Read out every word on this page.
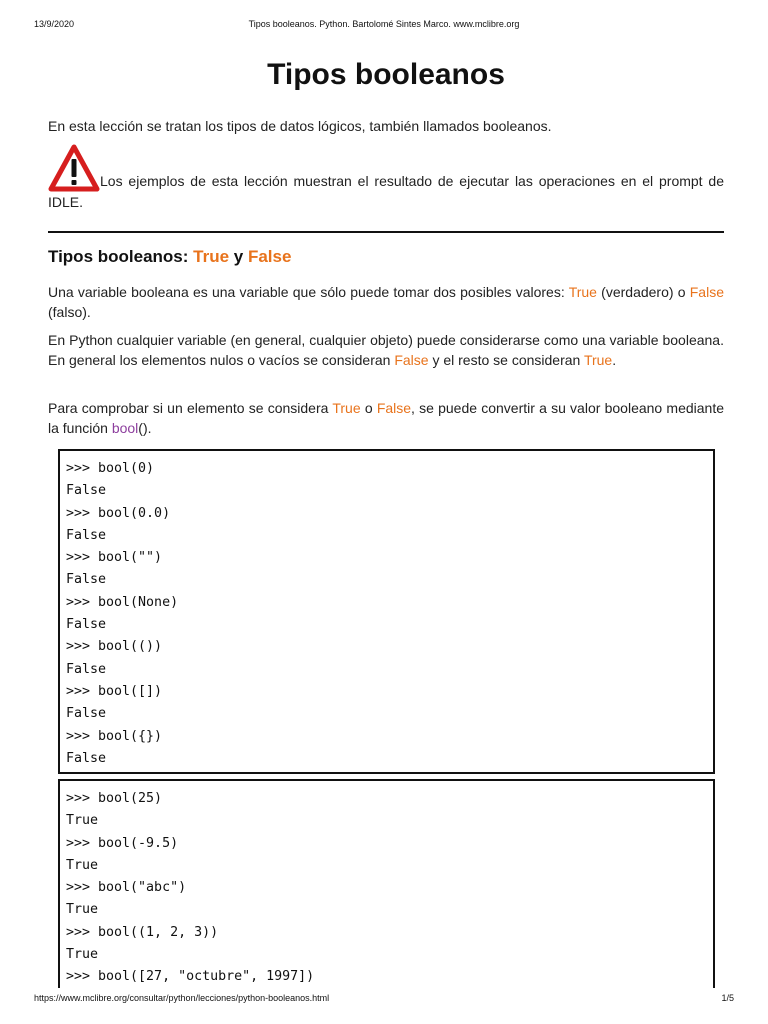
13/9/2020	Tipos booleanos. Python. Bartolomé Sintes Marco. www.mclibre.org
Tipos booleanos

En esta lección se tratan los tipos de datos lógicos, también llamados booleanos.

Los ejemplos de esta lección muestran el resultado de ejecutar las operaciones en el prompt de IDLE.
Tipos booleanos: True y False

Una variable booleana es una variable que sólo puede tomar dos posibles valores: True (verdadero) o False (falso).

En Python cualquier variable (en general, cualquier objeto) puede considerarse como una variable booleana. En general los elementos nulos o vacíos se consideran False y el resto se consideran True.

Para comprobar si un elemento se considera True o False, se puede convertir a su valor booleano mediante la función bool().

>>> bool(0)
False
>>> bool(0.0)
False
>>> bool("")
False
>>> bool(None)
False
>>> bool(())
False
>>> bool([])
False
>>> bool({})
False
>>> bool(25)
True
>>> bool(-9.5)
True
>>> bool("abc")
True
>>> bool((1, 2, 3))
True
>>> bool([27, "octubre", 1997])
https://www.mclibre.org/consultar/python/lecciones/python-booleanos.html	1/5
